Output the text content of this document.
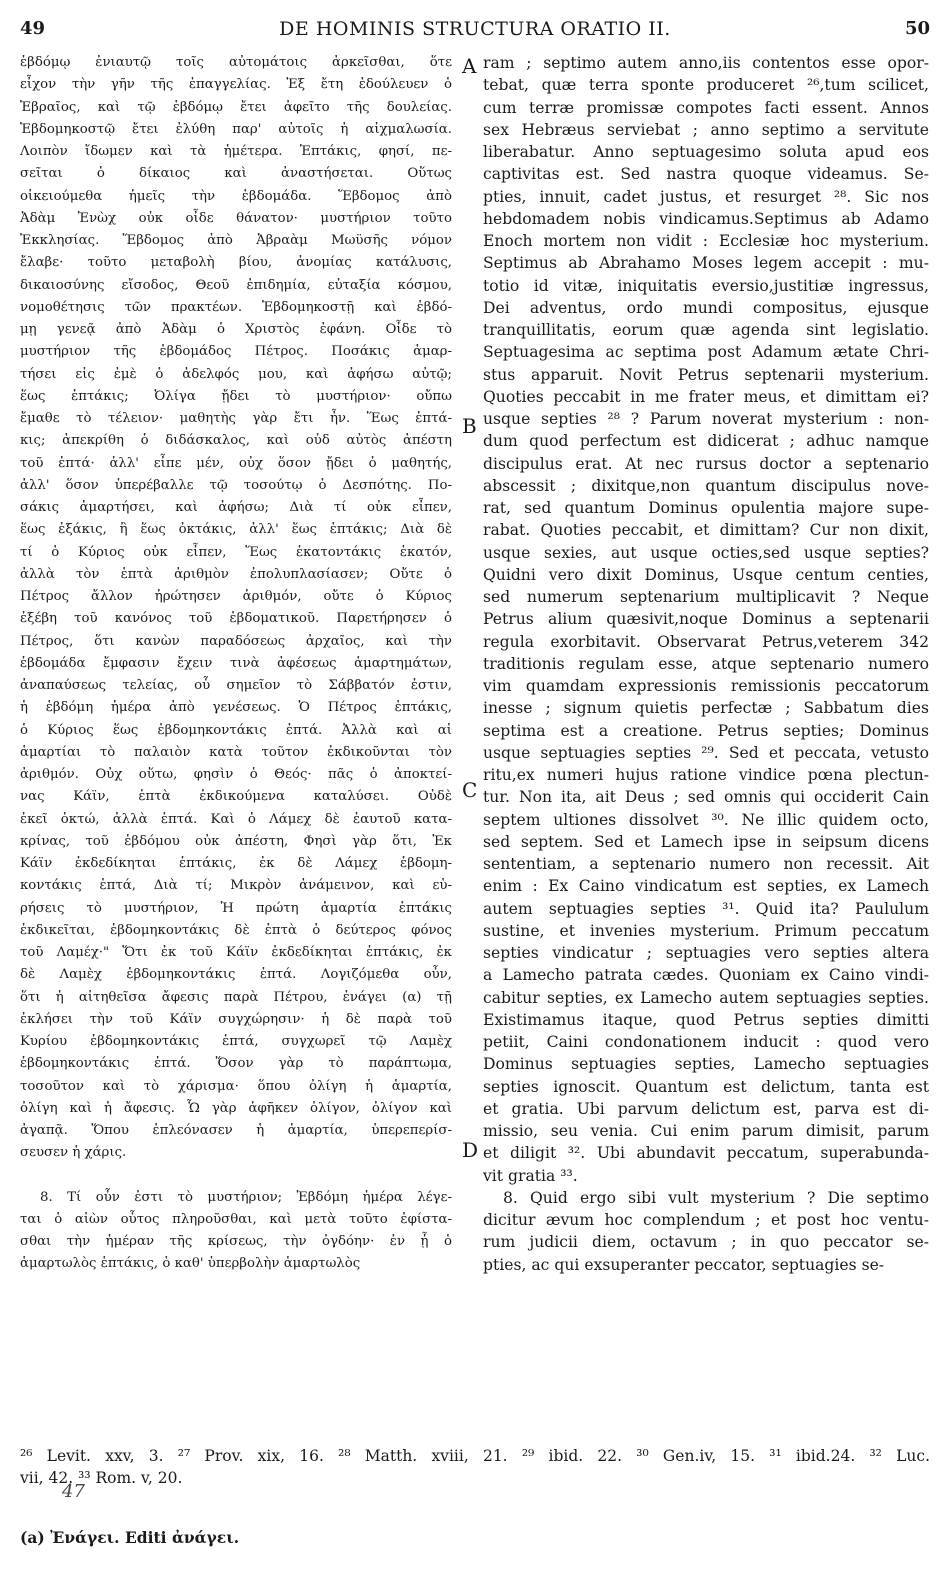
49	DE HOMINIS STRUCTURA ORATIO II.	50
ἑβδόμῳ ἐνιαυτῷ τοῖς αὐτομάτοις ἀρκεῖσθαι, ὅτε
εἶχον τὴν γῆν τῆς ἐπαγγελίας. Ἐξ ἔτη ἐδούλευεν ὁ
Ἑβραῖος, καὶ τῷ ἑβδόμῳ ἔτει ἀφεῖτο τῆς δουλείας.
Ἑβδομηκοστῷ ἔτει ἐλύθη παρ' αὐτοῖς ἡ αἰχμαλωσία.
Λοιπὸν ἴδωμεν καὶ τὰ ἡμέτερα. Ἑπτάκις, φησί, πε-
σεῖται ὁ δίκαιος καὶ ἀναστήσεται. Οὕτως
οἰκειούμεθα ἡμεῖς τὴν ἑβδομάδα. Ἕβδομος ἀπὸ
Ἀδὰμ Ἐνὼχ οὐκ οἶδε θάνατον· μυστήριον τοῦτο
Ἐκκλησίας. Ἕβδομος ἀπὸ Ἀβραὰμ Μωϋσῆς νόμον
ἔλαβε· τοῦτο μεταβολὴ βίου, ἀνομίας κατάλυσις,
δικαιοσύνης εἴσοδος, Θεοῦ ἐπιδημία, εὐταξία κόσμου,
νομοθέτησις τῶν πρακτέων. Ἑβδομηκοστῇ καὶ ἑβδό-
μῃ γενεᾷ ἀπὸ Ἀδὰμ ὁ Χριστὸς ἐφάνη. Οἶδε τὸ
μυστήριον τῆς ἑβδομάδος Πέτρος. Ποσάκις ἁμαρ-
τήσει εἰς ἐμὲ ὁ ἀδελφός μου, καὶ ἀφήσω αὐτῷ;
ἕως ἑπτάκις; Ὀλίγα ᾔδει τὸ μυστήριον· οὔπω
ἔμαθε τὸ τέλειον· μαθητὴς γὰρ ἔτι ἦν. Ἕως ἑπτά-
κις; ἀπεκρίθη ὁ διδάσκαλος, καὶ οὐδ αὐτὸς ἀπέστη
τοῦ ἑπτά· ἀλλ' εἶπε μέν, οὐχ ὅσον ᾔδει ὁ μαθητής,
ἀλλ' ὅσον ὑπερέβαλλε τῷ τοσούτῳ ὁ Δεσπότης. Πο-
σάκις ἁμαρτήσει, καὶ ἀφήσω; Διὰ τί οὐκ εἶπεν,
ἕως ἑξάκις, ἢ ἕως ὀκτάκις, ἀλλ' ἕως ἑπτάκις; Διὰ δὲ
τί ὁ Κύριος οὐκ εἶπεν, Ἕως ἑκατοντάκις ἑκατόν,
ἀλλὰ τὸν ἑπτὰ ἀριθμὸν ἐπολυπλασίασεν; Οὔτε ὁ
Πέτρος ἄλλον ἠρώτησεν ἀριθμόν, οὔτε ὁ Κύριος
ἐξέβη τοῦ κανόνος τοῦ ἑβδοματικοῦ. Παρετήρησεν ὁ
Πέτρος, ὅτι κανὼν παραδόσεως ἀρχαῖος, καὶ τὴν
ἑβδομάδα ἔμφασιν ἔχειν τινὰ ἀφέσεως ἁμαρτημάτων,
ἀναπαύσεως τελείας, οὗ σημεῖον τὸ Σάββατόν ἐστιν,
ἡ ἑβδόμη ἡμέρα ἀπὸ γενέσεως. Ὁ Πέτρος ἑπτάκις,
ὁ Κύριος ἕως ἑβδομηκοντάκις ἑπτά. Ἀλλὰ καὶ αἱ
ἁμαρτίαι τὸ παλαιὸν κατὰ τοῦτον ἐκδικοῦνται τὸν
ἀριθμόν. Οὐχ οὕτω, φησὶν ὁ Θεός· πᾶς ὁ ἀποκτεί-
νας Κάϊν, ἑπτὰ ἐκδικούμενα καταλύσει. Οὐδὲ
ἐκεῖ ὀκτώ, ἀλλὰ ἑπτά. Καὶ ὁ Λάμεχ δὲ ἑαυτοῦ κατα-
κρίνας, τοῦ ἑβδόμου οὐκ ἀπέστη, Φησὶ γὰρ ὅτι, Ἐκ
Κάϊν ἐκδεδίκηται ἑπτάκις, ἐκ δὲ Λάμεχ ἑβδομη-
κοντάκις ἑπτά, Διὰ τί; Μικρὸν ἀνάμεινον, καὶ εὑ-
ρήσεις τὸ μυστήριον, Ἡ πρώτη ἁμαρτία ἑπτάκις
ἐκδικεῖται, ἑβδομηκοντάκις δὲ ἑπτὰ ὁ δεύτερος φόνος
τοῦ Λαμέχ·" Ὅτι ἐκ τοῦ Κάϊν ἐκδεδίκηται ἑπτάκις, ἐκ
δὲ Λαμὲχ ἑβδομηκοντάκις ἑπτά. Λογιζόμεθα οὖν,
ὅτι ἡ αἰτηθεῖσα ἄφεσις παρὰ Πέτρου, ἐνάγει (α) τῇ
ἐκλήσει τὴν τοῦ Κάϊν συγχώρησιν· ἡ δὲ παρὰ τοῦ
Κυρίου ἑβδομηκοντάκις ἑπτά, συγχωρεῖ τῷ Λαμὲχ
ἑβδομηκοντάκις ἑπτά. Ὅσον γὰρ τὸ παράπτωμα,
τοσοῦτον καὶ τὸ χάρισμα· ὅπου ὀλίγη ἡ ἁμαρτία,
ὀλίγη καὶ ἡ ἄφεσις. Ὧ γὰρ ἀφῆκεν ὀλίγον, ὀλίγον καὶ
ἀγαπᾷ. Ὅπου ἐπλεόνασεν ἡ ἁμαρτία, ὑπερεπερίσ-
σευσεν ἡ χάρις.
8. Τί οὖν ἐστι τὸ μυστήριον; Ἑβδόμη ἡμέρα λέγε-
ται ὁ αἰὼν οὗτος πληροῦσθαι, καὶ μετὰ τοῦτο ἐφίστα-
σθαι τὴν ἡμέραν τῆς κρίσεως, τὴν ὀγδόην· ἐν ᾗ ὁ
ἁμαρτωλὸς ἑπτάκις, ὁ καθ' ὑπερβολὴν ἁμαρτωλὸς
ram ; septimo autem anno,iis contentos esse opor-
tebat, quæ terra sponte produceret ²⁶,tum scilicet,
cum terræ promissæ compotes facti essent. Annos
sex Hebræus serviebat ; anno septimo a servitute
liberabatur. Anno septuagesimo soluta apud eos
captivitas est. Sed nastra quoque videamus. Se-
pties, innuit, cadet justus, et resurget ²⁸. Sic nos
hebdomadem nobis vindicamus.Septimus ab Adamo
Enoch mortem non vidit : Ecclesiæ hoc mysterium.
Septimus ab Abrahamo Moses legem accepit : mu-
totio id vitæ, iniquitatis eversio,justitiæ ingressus,
Dei adventus, ordo mundi compositus, ejusque
tranquillitatis, eorum quæ agenda sint legislatio.
Septuagesima ac septima post Adamum ætate Chri-
stus apparuit. Novit Petrus septenarii mysterium.
Quoties peccabit in me frater meus, et dimittam ei?
usque septies ²⁸ ? Parum noverat mysterium : non-
dum quod perfectum est didicerat ; adhuc namque
discipulus erat. At nec rursus doctor a septenario
abscessit ; dixitque,non quantum discipulus nove-
rat, sed quantum Dominus opulentia majore supe-
rabat. Quoties peccabit, et dimittam? Cur non dixit,
usque sexies, aut usque octies,sed usque septies?
Quidni vero dixit Dominus, Usque centum centies,
sed numerum septenarium multiplicavit ? Neque
Petrus alium quæsivit,noque Dominus a septenarii
regula exorbitavit. Observarat Petrus,veterem 342
traditionis regulam esse, atque septenario numero
vim quamdam expressionis remissionis peccatorum
inesse ; signum quietis perfectæ ; Sabbatum dies
septima est a creatione. Petrus septies; Dominus
usque septuagies septies ²⁹. Sed et peccata, vetusto
ritu,ex numeri hujus ratione vindice pœna plectun-
tur. Non ita, ait Deus ; sed omnis qui occiderit Cain
septem ultiones dissolvet ³⁰. Ne illic quidem octo,
sed septem. Sed et Lamech ipse in seipsum dicens
sententiam, a septenario numero non recessit. Ait
enim : Ex Caino vindicatum est septies, ex Lamech
autem septuagies septies ³¹. Quid ita? Paululum
sustine, et invenies mysterium. Primum peccatum
septies vindicatur ; septuagies vero septies altera
a Lamecho patrata cædes. Quoniam ex Caino vindi-
cabitur septies, ex Lamecho autem septuagies septies.
Existimamus itaque, quod Petrus septies dimitti
petiit, Caini condonationem inducit : quod vero
Dominus septuagies septies, Lamecho septuagies
septies ignoscit. Quantum est delictum, tanta est
et gratia. Ubi parvum delictum est, parva est di-
missio, seu venia. Cui enim parum dimisit, parum
et diligit ³². Ubi abundavit peccatum, superabunda-
vit gratia ³³.
8. Quid ergo sibi vult mysterium ? Die septimo
dicitur ævum hoc complendum ; et post hoc ventu-
rum judicii diem, octavum ; in quo peccator se-
pties, ac qui exsuperanter peccator, septuagies se-
A
B
C
D
²⁶ Levit. xxv, 3. ²⁷ Prov. xix, 16. ²⁸ Matth. xviii, 21. ²⁹ ibid. 22. ³⁰ Gen.iv, 15. ³¹ ibid.24. ³² Luc.
vii, 42. ³³ Rom. v, 20.
47
(a) Ἐνάγει. Editi ἀνάγει.
